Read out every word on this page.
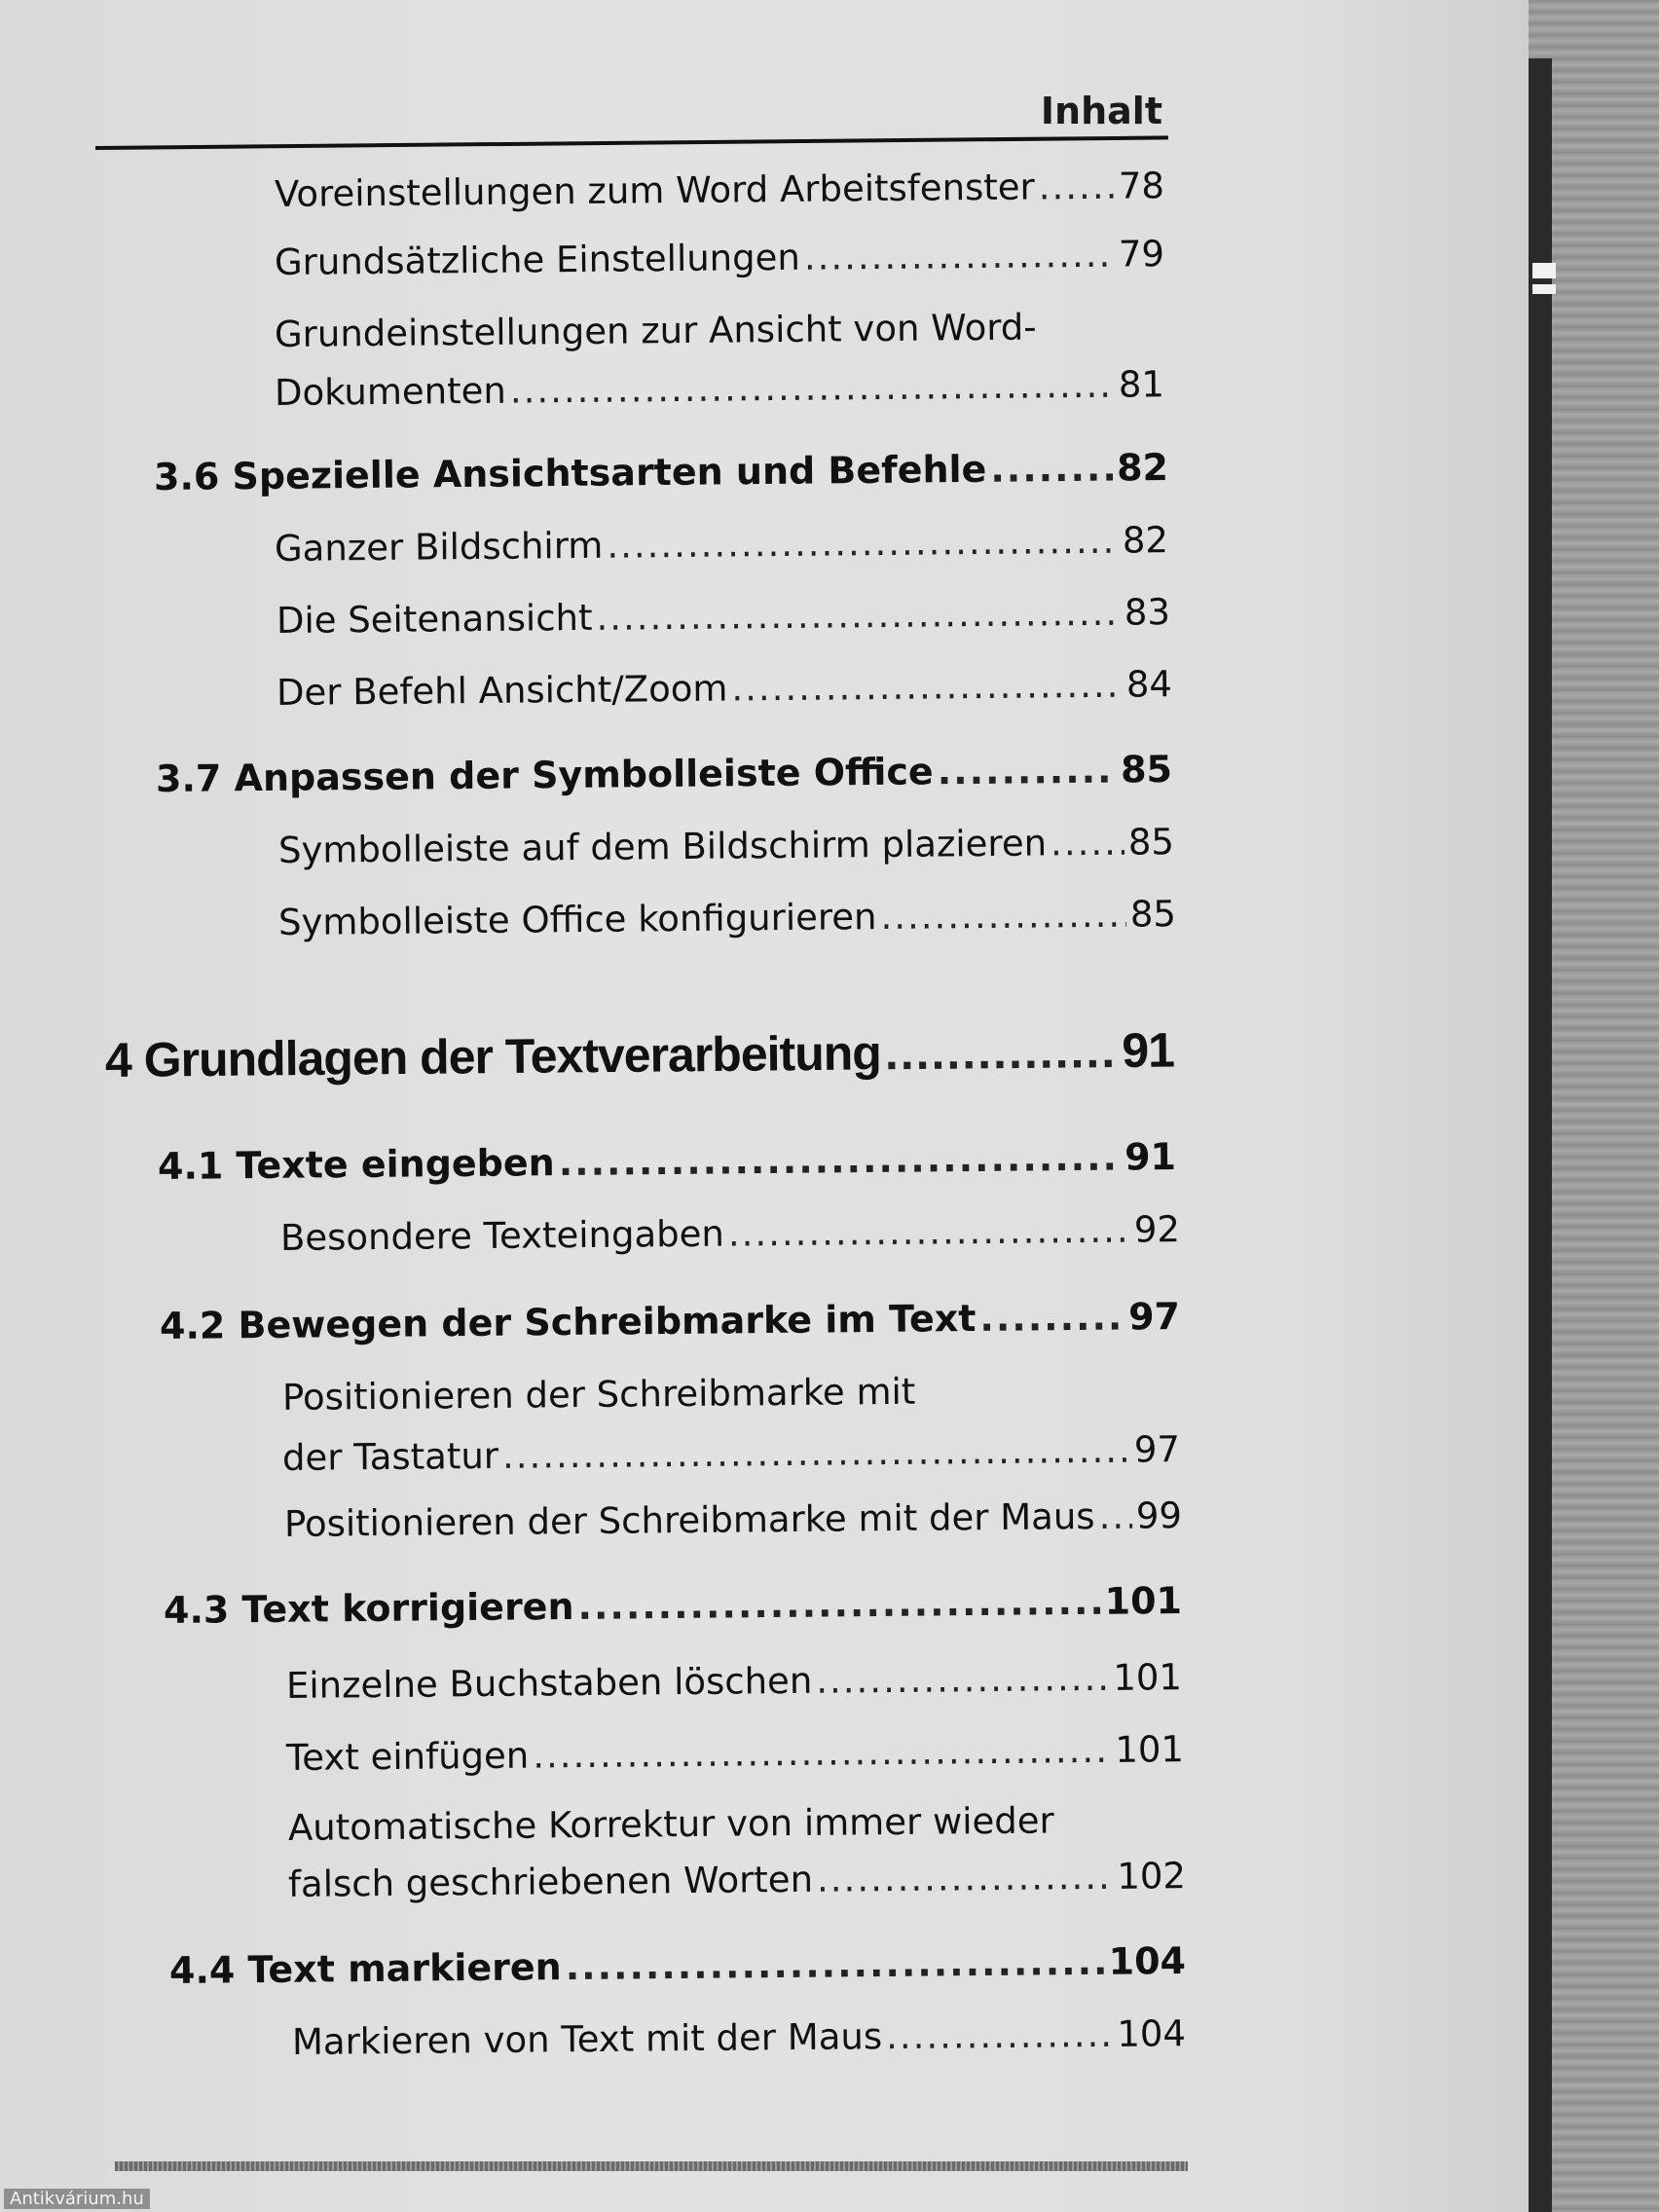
Inhalt
Voreinstellungen zum Word Arbeitsfenster ..... 78
Grundsätzliche Einstellungen .....	79
Grundeinstellungen zur Ansicht von Word-
Dokumenten .....	81
3.6 Spezielle Ansichtsarten und Befehle .....	82
Ganzer Bildschirm .....	82
Die Seitenansicht .....	83
Der Befehl Ansicht/Zoom .....	84
3.7 Anpassen der Symbolleiste Office .....	85
Symbolleiste auf dem Bildschirm plazieren ..... 85
Symbolleiste Office konfigurieren .....	85
4 Grundlagen der Textverarbeitung .....	91
4.1 Texte eingeben .....	91
Besondere Texteingaben .....	92
4.2 Bewegen der Schreibmarke im Text .....	97
Positionieren der Schreibmarke mit
der Tastatur .....	97
Positionieren der Schreibmarke mit der Maus ..... 99
4.3 Text korrigieren .....	101
Einzelne Buchstaben löschen .....	101
Text einfügen .....	101
Automatische Korrektur von immer wieder
falsch geschriebenen Worten .....	102
4.4 Text markieren .....	104
Markieren von Text mit der Maus .....	104
Antikvárium.hu
